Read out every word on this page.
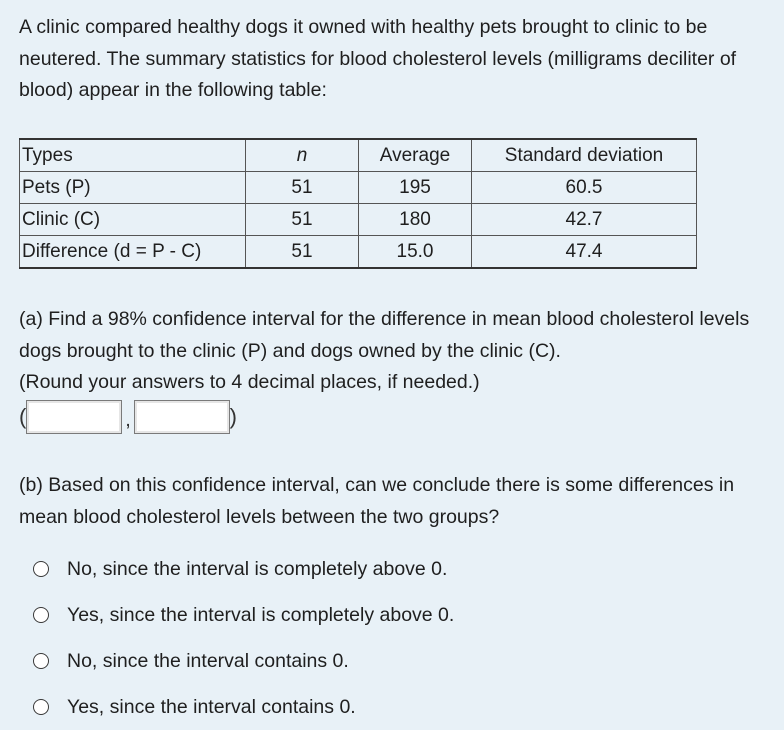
A clinic compared healthy dogs it owned with healthy pets brought to clinic to be neutered. The summary statistics for blood cholesterol levels (milligrams deciliter of blood) appear in the following table:
Types	n	Average	Standard deviation
Pets (P)	51	195	60.5
Clinic (C)	51	180	42.7
Difference (d = P - C)	51	15.0	47.4
(a) Find a 98% confidence interval for the difference in mean blood cholesterol levels dogs brought to the clinic (P) and dogs owned by the clinic (C).
(Round your answers to 4 decimal places, if needed.)
(	,	)
(b) Based on this confidence interval, can we conclude there is some differences in mean blood cholesterol levels between the two groups?
No, since the interval is completely above 0.
Yes, since the interval is completely above 0.
No, since the interval contains 0.
Yes, since the interval contains 0.
